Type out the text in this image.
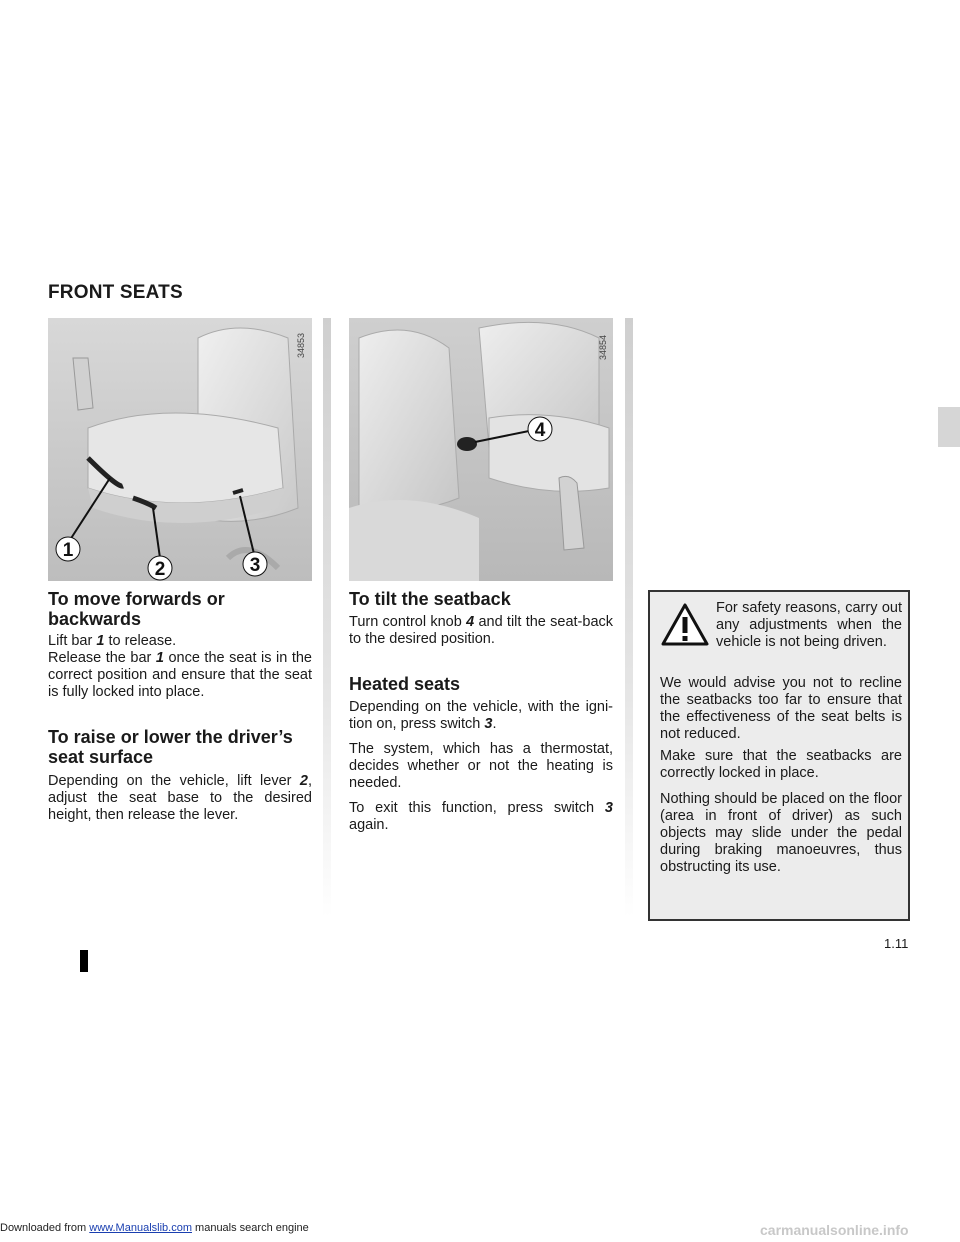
FRONT SEATS
1
2	3
34853
4
34854
To move forwards or backwards

Lift bar 1 to release.

Release the bar 1 once the seat is in the correct position and ensure that the seat is fully locked into place.

To raise or lower the driver’s seat surface

Depending on the vehicle, lift lever 2, adjust the seat base to the desired height, then release the lever.

To tilt the seatback

Turn control knob 4 and tilt the seat-back to the desired position.

Heated seats

Depending on the vehicle, with the igni-tion on, press switch 3.

The system, which has a thermostat, decides whether or not the heating is needed.

To exit this function, press switch 3 again.

For safety reasons, carry out any adjustments when the vehicle is not being driven.
We would advise you not to recline the seatbacks too far to ensure that the effectiveness of the seat belts is not reduced.
Make sure that the seatbacks are correctly locked in place.
Nothing should be placed on the floor (area in front of driver) as such objects may slide under the pedal during braking manoeuvres, thus obstructing its use.
1.11
Downloaded from www.Manualslib.com manuals search engine	carmanualsonline.info
